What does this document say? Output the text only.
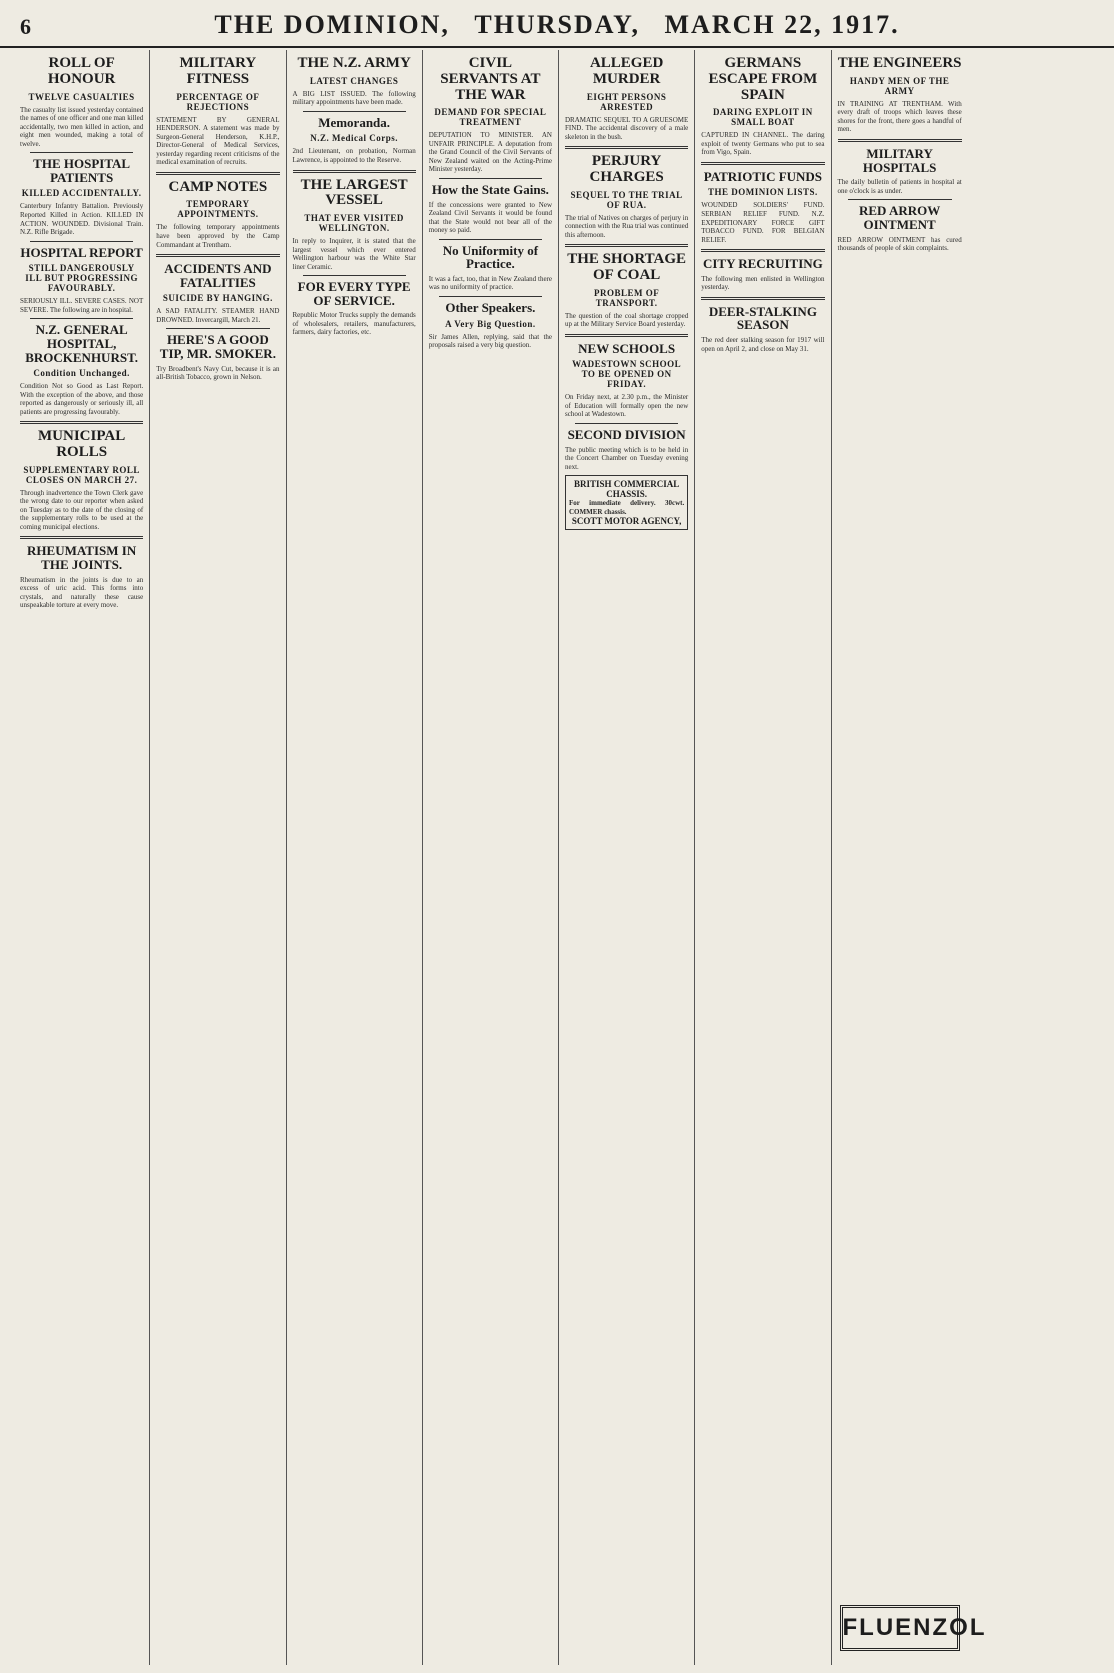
6	THE DOMINION, THURSDAY, MARCH 22, 1917.
ROLL OF HONOUR
TWELVE CASUALTIES
The casualty list issued yesterday contained the names of one officer and one man killed accidentally, two men killed in action, and eight men wounded, making a total of twelve.
THE HOSPITAL PATIENTS
KILLED ACCIDENTALLY.
Canterbury Infantry Battalion. Previously Reported Killed in Action. KILLED IN ACTION. WOUNDED. Divisional Train. N.Z. Rifle Brigade.
HOSPITAL REPORT
STILL DANGEROUSLY ILL BUT PROGRESSING FAVOURABLY.
SERIOUSLY ILL. SEVERE CASES. NOT SEVERE. The following are in hospital.
N.Z. GENERAL HOSPITAL, BROCKENHURST.
Condition Unchanged.
Condition Not so Good as Last Report. With the exception of the above, and those reported as dangerously or seriously ill, all patients are progressing favourably.
MUNICIPAL ROLLS
SUPPLEMENTARY ROLL CLOSES ON MARCH 27.
Through inadvertence the Town Clerk gave the wrong date to our reporter when asked on Tuesday as to the date of the closing of the supplementary rolls to be used at the coming municipal elections.
RHEUMATISM IN THE JOINTS.
Rheumatism in the joints is due to an excess of uric acid. This forms into crystals, and naturally these cause unspeakable torture at every move.
MILITARY FITNESS
PERCENTAGE OF REJECTIONS
STATEMENT BY GENERAL HENDERSON. A statement was made by Surgeon-General Henderson, K.H.P., Director-General of Medical Services, yesterday regarding recent criticisms of the medical examination of recruits.
CAMP NOTES
TEMPORARY APPOINTMENTS.
The following temporary appointments have been approved by the Camp Commandant at Trentham.
ACCIDENTS AND FATALITIES
SUICIDE BY HANGING.
A SAD FATALITY. STEAMER HAND DROWNED. Invercargill, March 21.
HERE'S A GOOD TIP, MR. SMOKER.
Try Broadbent's Navy Cut, because it is an all-British Tobacco, grown in Nelson.
THE N.Z. ARMY
LATEST CHANGES
A BIG LIST ISSUED. The following military appointments have been made.
Memoranda.
N.Z. Medical Corps.
2nd Lieutenant, on probation, Norman Lawrence, is appointed to the Reserve.
THE LARGEST VESSEL
THAT EVER VISITED WELLINGTON.
In reply to Inquirer, it is stated that the largest vessel which ever entered Wellington harbour was the White Star liner Ceramic.
FOR EVERY TYPE OF SERVICE.
Republic Motor Trucks supply the demands of wholesalers, retailers, manufacturers, farmers, dairy factories, etc.
CIVIL SERVANTS AT THE WAR
DEMAND FOR SPECIAL TREATMENT
DEPUTATION TO MINISTER. AN UNFAIR PRINCIPLE. A deputation from the Grand Council of the Civil Servants of New Zealand waited on the Acting-Prime Minister yesterday.
How the State Gains.
If the concessions were granted to New Zealand Civil Servants it would be found that the State would not bear all of the money so paid.
No Uniformity of Practice.
It was a fact, too, that in New Zealand there was no uniformity of practice.
Other Speakers.
A Very Big Question.
Sir James Allen, replying, said that the proposals raised a very big question.
ALLEGED MURDER
EIGHT PERSONS ARRESTED
DRAMATIC SEQUEL TO A GRUESOME FIND. The accidental discovery of a male skeleton in the bush.
PERJURY CHARGES
SEQUEL TO THE TRIAL OF RUA.
The trial of Natives on charges of perjury in connection with the Rua trial was continued this afternoon.
THE SHORTAGE OF COAL
PROBLEM OF TRANSPORT.
The question of the coal shortage cropped up at the Military Service Board yesterday.
NEW SCHOOLS
WADESTOWN SCHOOL TO BE OPENED ON FRIDAY.
On Friday next, at 2.30 p.m., the Minister of Education will formally open the new school at Wadestown.
SECOND DIVISION
The public meeting which is to be held in the Concert Chamber on Tuesday evening next.
BRITISH COMMERCIAL CHASSIS.
For immediate delivery. 30cwt. COMMER chassis.
SCOTT MOTOR AGENCY,
GERMANS ESCAPE FROM SPAIN
DARING EXPLOIT IN SMALL BOAT
CAPTURED IN CHANNEL. The daring exploit of twenty Germans who put to sea from Vigo, Spain.
PATRIOTIC FUNDS
THE DOMINION LISTS.
WOUNDED SOLDIERS' FUND. SERBIAN RELIEF FUND. N.Z. EXPEDITIONARY FORCE GIFT TOBACCO FUND. FOR BELGIAN RELIEF.
CITY RECRUITING
The following men enlisted in Wellington yesterday.
DEER-STALKING SEASON
The red deer stalking season for 1917 will open on April 2, and close on May 31.
THE ENGINEERS
HANDY MEN OF THE ARMY
IN TRAINING AT TRENTHAM. With every draft of troops which leaves these shores for the front, there goes a handful of men.
MILITARY HOSPITALS
The daily bulletin of patients in hospital at one o'clock is as under.
RED ARROW OINTMENT
RED ARROW OINTMENT has cured thousands of people of skin complaints.
FLUENZOL
